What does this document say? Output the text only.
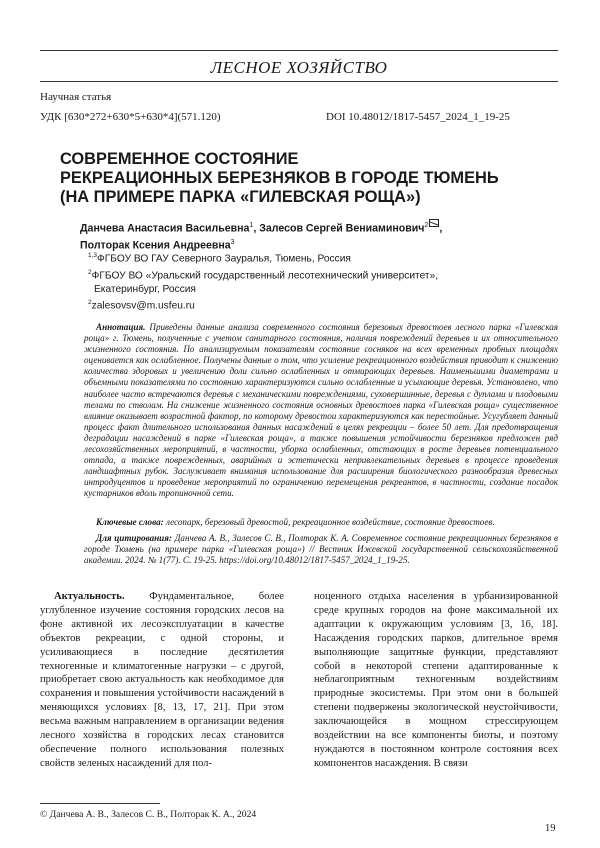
ЛЕСНОЕ ХОЗЯЙСТВО
Научная статья
УДК [630*272+630*5+630*4](571.120)	DOI 10.48012/1817-5457_2024_1_19-25
СОВРЕМЕННОЕ СОСТОЯНИЕ
РЕКРЕАЦИОННЫХ БЕРЕЗНЯКОВ В ГОРОДЕ ТЮМЕНЬ
(НА ПРИМЕРЕ ПАРКА «ГИЛЕВСКАЯ РОЩА»)
Данчева Анастасия Васильевна1, Залесов Сергей Вениаминович2 ,
Полторак Ксения Андреевна3
1,3ФГБОУ ВО ГАУ Северного Зауралья, Тюмень, Россия
2ФГБОУ ВО «Уральский государственный лесотехнический университет»,
Екатеринбург, Россия
2zalesovsv@m.usfeu.ru
Аннотация. Приведены данные анализа современного состояния березовых древостоев лесного парка «Гилевская роща» г. Тюмень, полученные с учетом санитарного состояния, наличия повреждений деревьев и их относительного жизненного состояния. По анализируемым показателям состояние сосняков на всех временных пробных площадях оценивается как ослабленное. Получены данные о том, что усиление рекреационного воздействия приводит к снижению количества здоровых и увеличению доли сильно ослабленных и отмирающих деревьев. Наименьшими диаметрами и объемными показателями по состоянию характеризуются сильно ослабленные и усыхающие деревья. Установлено, что наиболее часто встречаются деревья с механическими повреждениями, суховершинные, деревья с дуплами и плодовыми телами по стволам. На снижение жизненного состояния основных древостоев парка «Гилевская роща» существенное влияние оказывает возрастной фактор, по которому древостои характеризуются как перестойные. Усугубляет данный процесс факт длительного использования данных насаждений в целях рекреации – более 50 лет. Для предотвращения деградации насаждений в парке «Гилевская роща», а также повышения устойчивости березняков предложен ряд лесохозяйственных мероприятий, в частности, уборка ослабленных, отстающих в росте деревьев потенциального отпада, а также поврежденных, аварийных и эстетически непривлекательных деревьев в процессе проведения ландшафтных рубок. Заслуживает внимания использование для расширения биологического разнообразия древесных интродуцентов и проведение мероприятий по ограничению перемещения рекреантов, в частности, создание посадок кустарников вдоль тропиночной сети.
Ключевые слова: лесопарк, березовый древостой, рекреационное воздействие, состояние древостоев.
Для цитирования: Данчева А. В., Залесов С. В., Полторак К. А. Современное состояние рекреационных березняков в городе Тюмень (на примере парка «Гилевская роща») // Вестник Ижевской государственной сельскохозяйственной академии. 2024. № 1(77). С. 19-25. https://doi.org/10.48012/1817-5457_2024_1_19-25.

Актуальность. Фундаментальное, более углубленное изучение состояния городских лесов на фоне активной их лесоэксплуатации в качестве объектов рекреации, с одной стороны, и усиливающиеся в последние десятилетия техногенные и климатогенные нагрузки – с другой, приобретает свою актуальность как необходимое для сохранения и повышения устойчивости насаждений в меняющихся условиях [8, 13, 17, 21]. При этом весьма важным направлением в организации ведения лесного хозяйства в городских лесах становится обеспечение полного использования полезных свойств зеленых насаждений для пол-

ноценного отдыха населения в урбанизированной среде крупных городов на фоне максимальной их адаптации к окружающим условиям [3, 16, 18]. Насаждения городских парков, длительное время выполняющие защитные функции, представляют собой в некоторой степени адаптированные к неблагоприятным техногенным воздействиям природные экосистемы. При этом они в большей степени подвержены экологической неустойчивости, заключающейся в мощном стрессирующем воздействии на все компоненты биоты, и поэтому нуждаются в постоянном контроле состояния всех компонентов насаждения. В связи

© Данчева А. В., Залесов С. В., Полторак К. А., 2024
19
